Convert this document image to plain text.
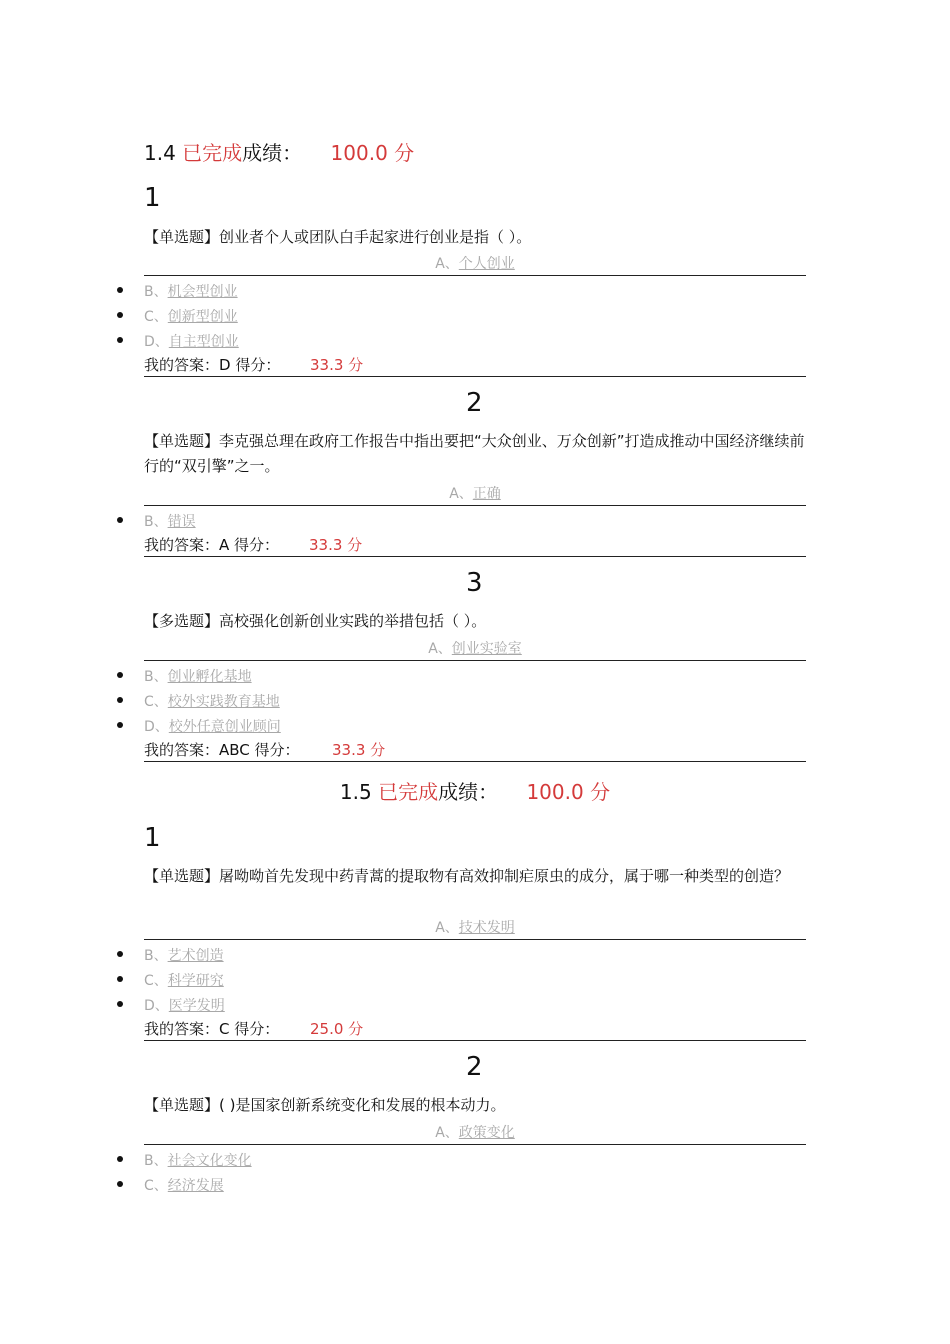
1.4 已完成成绩： 100.0 分
1
【单选题】创业者个人或团队白手起家进行创业是指（ ）。
A、个人创业
B、机会型创业
C、创新型创业
D、自主型创业
我的答案：D 得分： 33.3 分
2
【单选题】李克强总理在政府工作报告中指出要把“大众创业、万众创新”打造成推动中国经济继续前行的“双引擎”之一。
A、正确
B、错误
我的答案：A 得分： 33.3 分
3
【多选题】高校强化创新创业实践的举措包括（ ）。
A、创业实验室
B、创业孵化基地
C、校外实践教育基地
D、校外任意创业顾问
我的答案：ABC 得分： 33.3 分
1.5 已完成成绩： 100.0 分
1
【单选题】屠呦呦首先发现中药青蒿的提取物有高效抑制疟原虫的成分，属于哪一种类型的创造？
A、技术发明
B、艺术创造
C、科学研究
D、医学发明
我的答案：C 得分： 25.0 分
2
【单选题】( )是国家创新系统变化和发展的根本动力。
A、政策变化
B、社会文化变化
C、经济发展
